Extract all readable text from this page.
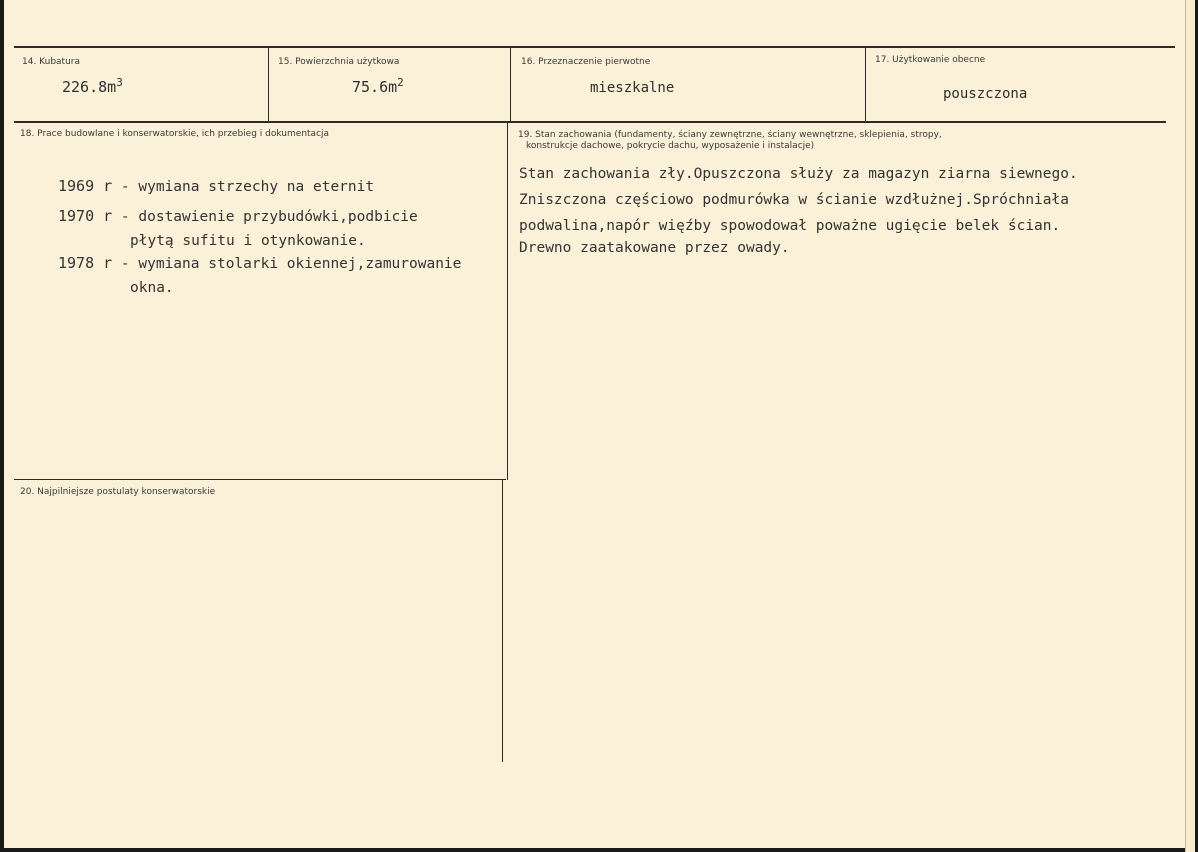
14. Kubatura
$226.8m^3$
15. Powierzchnia użytkowa
$75.6m^2$
16. Przeznaczenie pierwotne
mieszkalne
17. Użytkowanie obecne
pouszczona
18. Prace budowlane i konserwatorskie, ich przebieg i dokumentacja
1969 r - wymiana strzechy na eternit
1970 r - dostawienie przybudówki,podbicie
płytą sufitu i otynkowanie.
1978 r - wymiana stolarki okiennej,zamurowanie
okna.
19. Stan zachowania (fundamenty, ściany zewnętrzne, ściany wewnętrzne, sklepienia, stropy,
konstrukcje dachowe, pokrycie dachu, wyposażenie i instalacje)
Stan zachowania zły.Opuszczona służy za magazyn ziarna siewnego.
Zniszczona częściowo podmurówka w ścianie wzdłużnej.Spróchniała
podwalina,napór więźby spowodował poważne ugięcie belek ścian.
Drewno zaatakowane przez owady.
20. Najpilniejsze postulaty konserwatorskie
